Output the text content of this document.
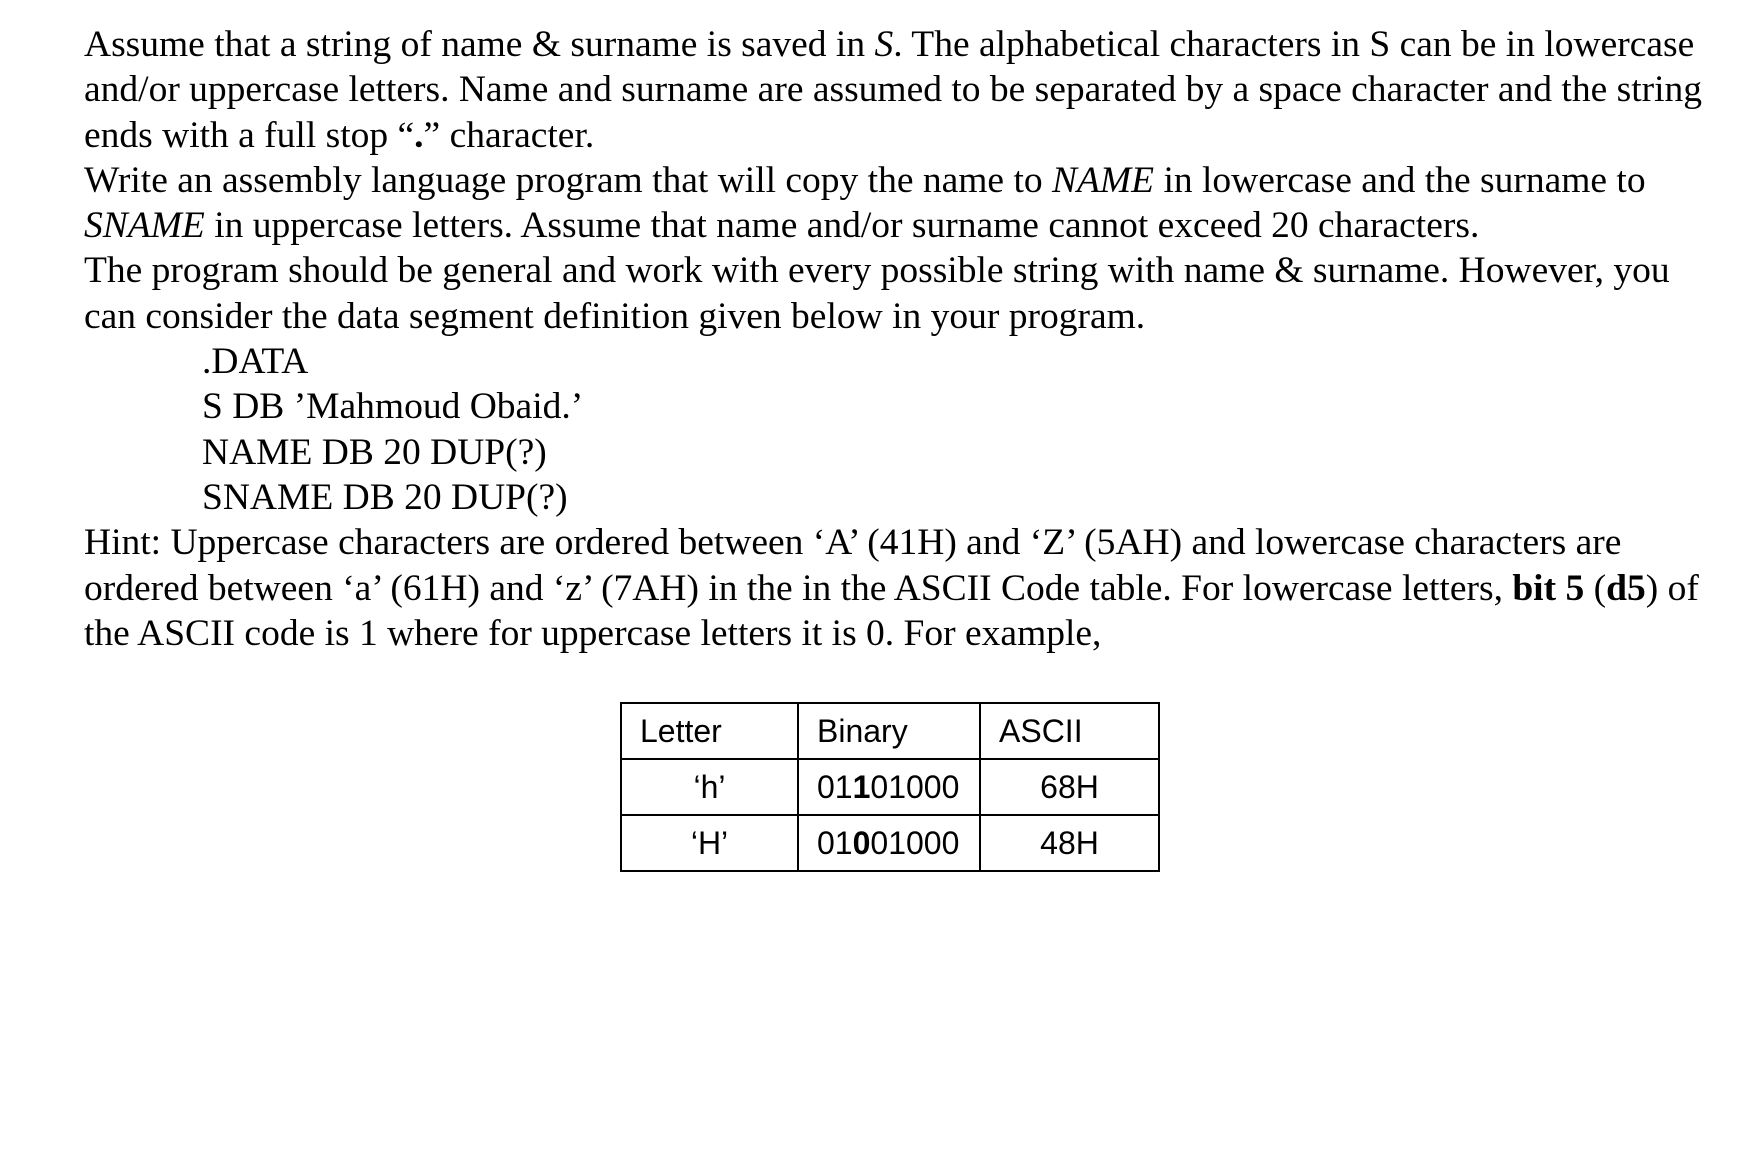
Assume that a string of name & surname is saved in S. The alphabetical characters in S can be in lowercase and/or uppercase letters. Name and surname are assumed to be separated by a space character and the string ends with a full stop “.” character.

Write an assembly language program that will copy the name to NAME in lowercase and the surname to SNAME in uppercase letters. Assume that name and/or surname cannot exceed 20 characters.

The program should be general and work with every possible string with name & surname. However, you can consider the data segment definition given below in your program.

.DATA
S DB ’Mahmoud Obaid.’
NAME DB 20 DUP(?)
SNAME DB 20 DUP(?)

Hint: Uppercase characters are ordered between ‘A’ (41H) and ‘Z’ (5AH) and lowercase characters are ordered between ‘a’ (61H) and ‘z’ (7AH) in the in the ASCII Code table. For lowercase letters, bit 5 (d5) of the ASCII code is 1 where for uppercase letters it is 0. For example,

Letter	Binary	ASCII
‘h’	01101000	68H
‘H’	01001000	48H
